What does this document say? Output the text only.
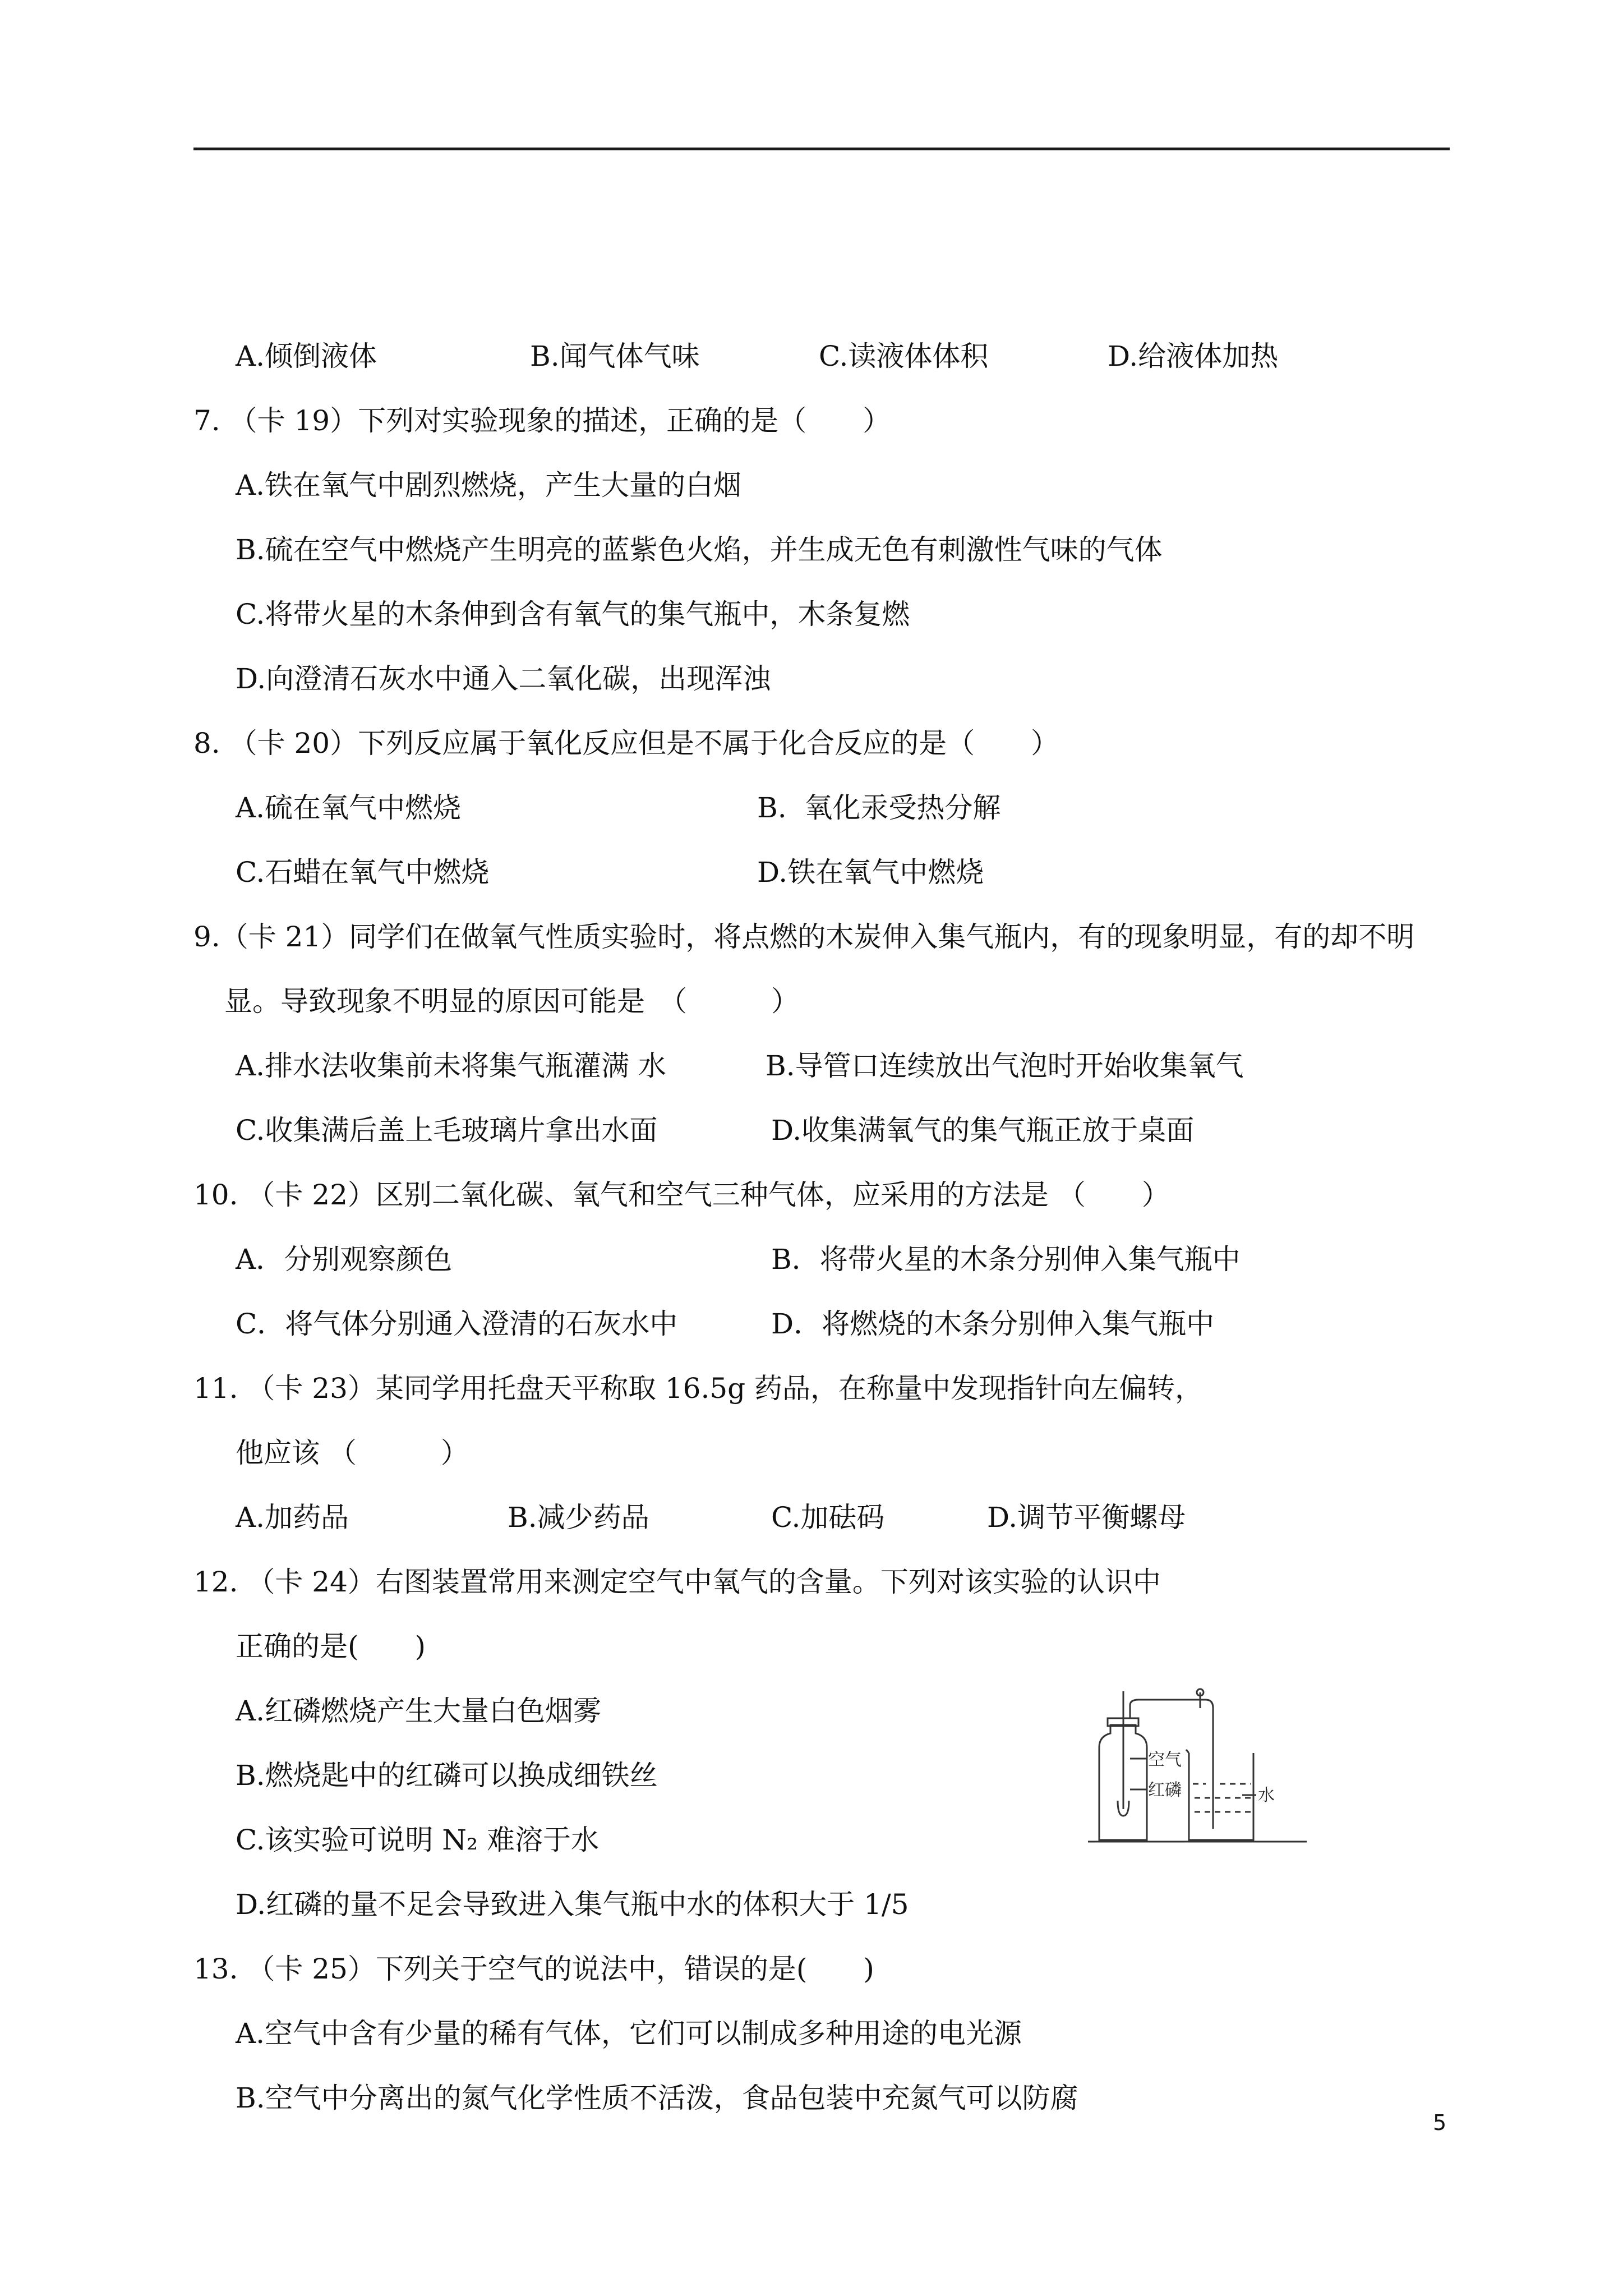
A.倾倒液体	B.闻气体气味	C.读液体体积	D.给液体加热
7. （卡 19）下列对实验现象的描述，正确的是（　　）
A.铁在氧气中剧烈燃烧，产生大量的白烟
B.硫在空气中燃烧产生明亮的蓝紫色火焰，并生成无色有刺激性气味的气体
C.将带火星的木条伸到含有氧气的集气瓶中，木条复燃
D.向澄清石灰水中通入二氧化碳，出现浑浊
8. （卡 20）下列反应属于氧化反应但是不属于化合反应的是（　　）
A.硫在氧气中燃烧	B.  氧化汞受热分解
C.石蜡在氧气中燃烧	D.铁在氧气中燃烧
9.（卡 21）同学们在做氧气性质实验时，将点燃的木炭伸入集气瓶内，有的现象明显，有的却不明
显。导致现象不明显的原因可能是　（　　　）
A.排水法收集前未将集气瓶灌满 水	B.导管口连续放出气泡时开始收集氧气
C.收集满后盖上毛玻璃片拿出水面	D.收集满氧气的集气瓶正放于桌面
10. （卡 22）区别二氧化碳、氧气和空气三种气体，应采用的方法是 （　　）
A．分别观察颜色	B．将带火星的木条分别伸入集气瓶中
C．将气体分别通入澄清的石灰水中	D．将燃烧的木条分别伸入集气瓶中
11. （卡 23）某同学用托盘天平称取 16.5g 药品，在称量中发现指针向左偏转，
他应该 （　　　）
A.加药品	B.减少药品	C.加砝码	D.调节平衡螺母
12. （卡 24）右图装置常用来测定空气中氧气的含量。下列对该实验的认识中
正确的是(　　)
A.红磷燃烧产生大量白色烟雾
B.燃烧匙中的红磷可以换成细铁丝
C.该实验可说明 N₂ 难溶于水
D.红磷的量不足会导致进入集气瓶中水的体积大于 1/5
空气
红磷	水
13. （卡 25）下列关于空气的说法中，错误的是(　　)
A.空气中含有少量的稀有气体，它们可以制成多种用途的电光源
B.空气中分离出的氮气化学性质不活泼，食品包装中充氮气可以防腐
5
